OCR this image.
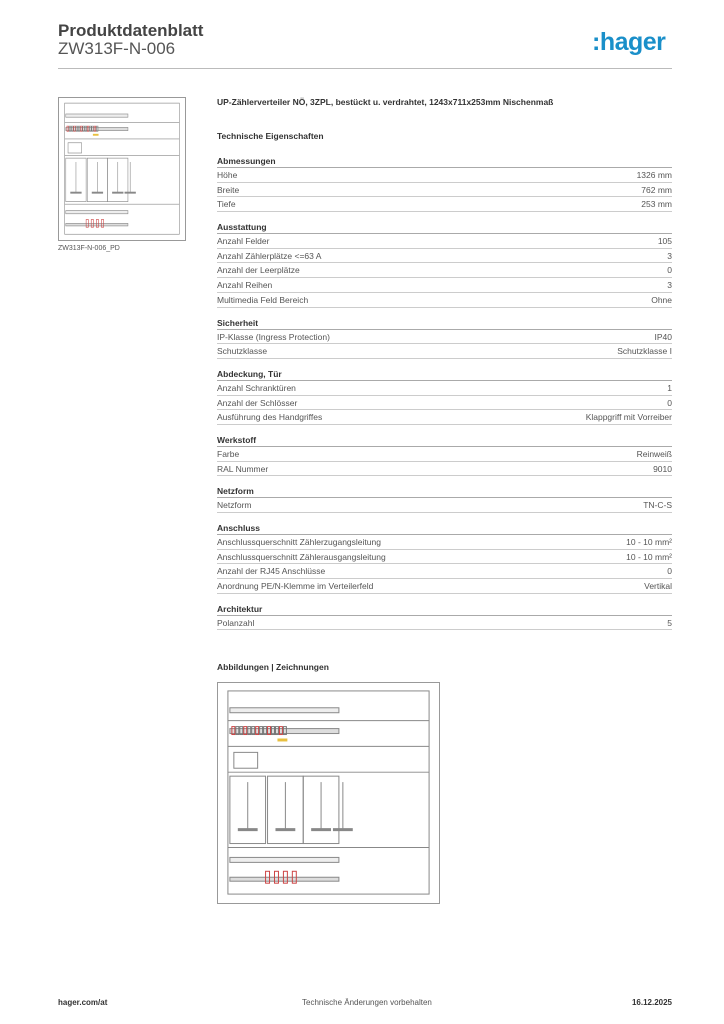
Produktdatenblatt
ZW313F-N-006	:hager
ZW313F-N-006_PD
UP-Zählerverteiler NÖ, 3ZPL, bestückt u. verdrahtet, 1243x711x253mm Nischenmaß
Technische Eigenschaften
Abmessungen
Höhe	1326 mm
Breite	762 mm
Tiefe	253 mm
Ausstattung
Anzahl Felder	105
Anzahl Zählerplätze <=63 A	3
Anzahl der Leerplätze	0
Anzahl Reihen	3
Multimedia Feld Bereich	Ohne
Sicherheit
IP-Klasse (Ingress Protection)	IP40
Schutzklasse	Schutzklasse I
Abdeckung, Tür
Anzahl Schranktüren	1
Anzahl der Schlösser	0
Ausführung des Handgriffes	Klappgriff mit Vorreiber
Werkstoff
Farbe	Reinweiß
RAL Nummer	9010
Netzform
Netzform	TN-C-S
Anschluss
Anschlussquerschnitt Zählerzugangsleitung	10 - 10 mm²
Anschlussquerschnitt Zählerausgangsleitung	10 - 10 mm²
Anzahl der RJ45 Anschlüsse	0
Anordnung PE/N-Klemme im Verteilerfeld	Vertikal
Architektur
Polanzahl	5
Abbildungen | Zeichnungen
hager.com/at	Technische Änderungen vorbehalten	16.12.2025
